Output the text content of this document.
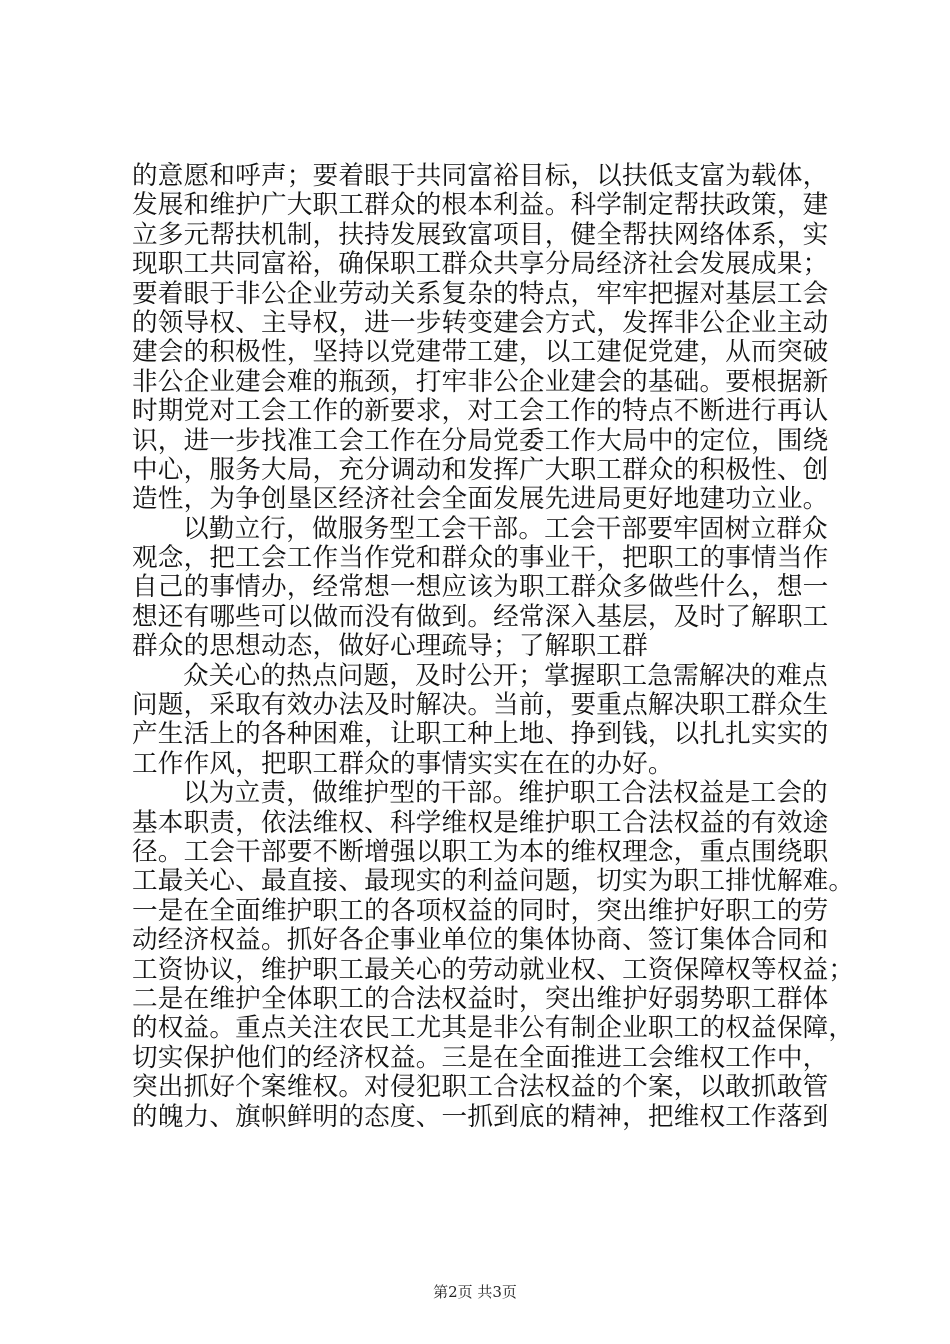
的意愿和呼声；要着眼于共同富裕目标，以扶低支富为载体，
发展和维护广大职工群众的根本利益。科学制定帮扶政策，建
立多元帮扶机制，扶持发展致富项目，健全帮扶网络体系，实
现职工共同富裕，确保职工群众共享分局经济社会发展成果；
要着眼于非公企业劳动关系复杂的特点，牢牢把握对基层工会
的领导权、主导权，进一步转变建会方式，发挥非公企业主动
建会的积极性，坚持以党建带工建，以工建促党建，从而突破
非公企业建会难的瓶颈，打牢非公企业建会的基础。要根据新
时期党对工会工作的新要求，对工会工作的特点不断进行再认
识，进一步找准工会工作在分局党委工作大局中的定位，围绕
中心，服务大局，充分调动和发挥广大职工群众的积极性、创
造性，为争创垦区经济社会全面发展先进局更好地建功立业。
以勤立行，做服务型工会干部。工会干部要牢固树立群众
观念，把工会工作当作党和群众的事业干，把职工的事情当作
自己的事情办，经常想一想应该为职工群众多做些什么，想一
想还有哪些可以做而没有做到。经常深入基层，及时了解职工
群众的思想动态，做好心理疏导；了解职工群
众关心的热点问题，及时公开；掌握职工急需解决的难点
问题，采取有效办法及时解决。当前，要重点解决职工群众生
产生活上的各种困难，让职工种上地、挣到钱，以扎扎实实的
工作作风，把职工群众的事情实实在在的办好。
以为立责，做维护型的干部。维护职工合法权益是工会的
基本职责，依法维权、科学维权是维护职工合法权益的有效途
径。工会干部要不断增强以职工为本的维权理念，重点围绕职
工最关心、最直接、最现实的利益问题，切实为职工排忧解难。
一是在全面维护职工的各项权益的同时，突出维护好职工的劳
动经济权益。抓好各企事业单位的集体协商、签订集体合同和
工资协议，维护职工最关心的劳动就业权、工资保障权等权益；
二是在维护全体职工的合法权益时，突出维护好弱势职工群体
的权益。重点关注农民工尤其是非公有制企业职工的权益保障，
切实保护他们的经济权益。三是在全面推进工会维权工作中，
突出抓好个案维权。对侵犯职工合法权益的个案，以敢抓敢管
的魄力、旗帜鲜明的态度、一抓到底的精神，把维权工作落到
第2页 共3页
